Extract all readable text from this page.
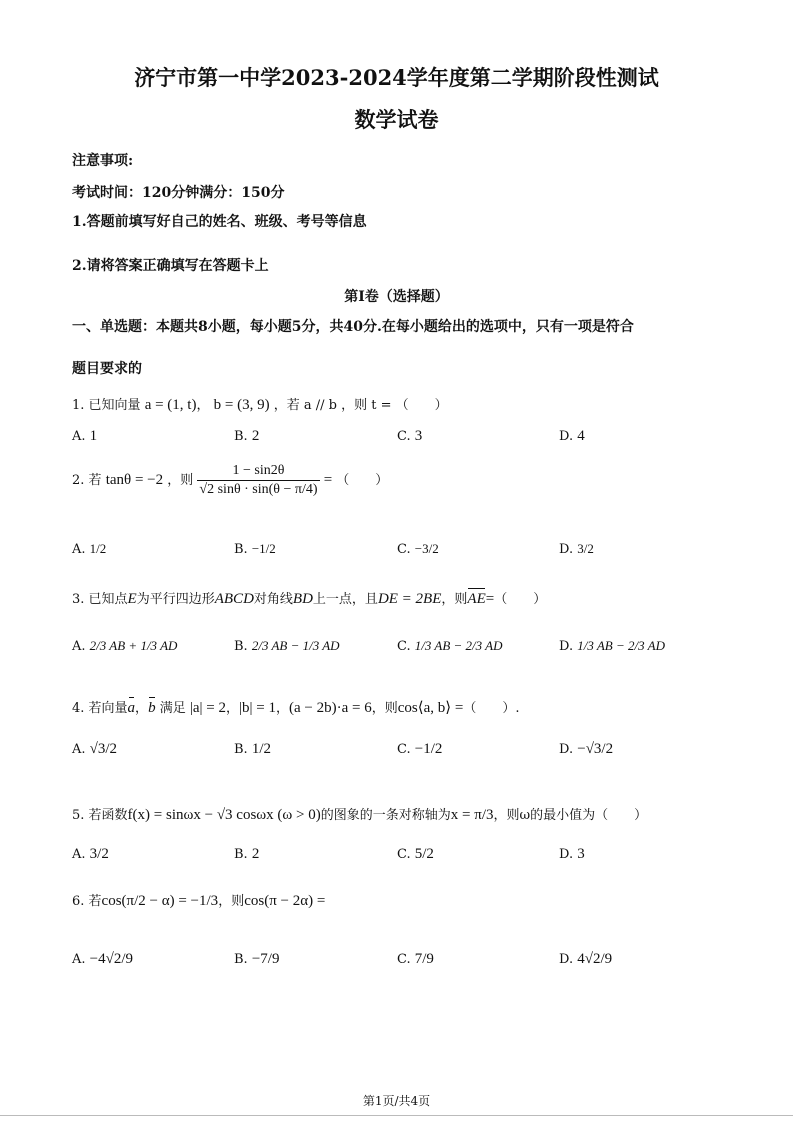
济宁市第一中学2023-2024学年度第二学期阶段性测试
数学试卷
注意事项:
考试时间：120分钟满分：150分
1.答题前填写好自己的姓名、班级、考号等信息
2.请将答案正确填写在答题卡上
第I卷（选择题）
一、单选题：本题共8小题，每小题5分，共40分.在每小题给出的选项中，只有一项是符合
题目要求的
1. 已知向量 a = (1, t)， b = (3, 9) ，若 a // b ，则 t = （　　）
A. 1	B. 2	C. 3	D. 4
2. 若 tanθ = −2 ，则 $\frac{1 - \sin 2\theta}{√2 \sin\theta \cdot \sin(\theta - \pi/4)}$ = （　　）
A. 1/2	B. −1/2	C. −3/2	D. 3/2
3. 已知点E为平行四边形ABCD对角线BD上一点，且DE = 2BE，则AE=（　　）
A. 2/3 AB + 1/3 AD	B. 2/3 AB − 1/3 AD	C. 1/3 AB − 2/3 AD	D. 1/3 AB − 2/3 AD
4. 若向量a，b 满足 |a| = 2，|b| = 1，(a − 2b)·a = 6，则cos⟨a, b⟩ =（　　）.
A. √3/2	B. 1/2	C. −1/2	D. −√3/2
5. 若函数f(x) = sinωx − √3 cosωx (ω > 0)的图象的一条对称轴为x = π/3，则ω的最小值为（　　）
A. 3/2	B. 2	C. 5/2	D. 3
6. 若cos(π/2 − α) = −1/3，则cos(π − 2α) =
A. −4√2/9	B. −7/9	C. 7/9	D. 4√2/9
第1页/共4页
